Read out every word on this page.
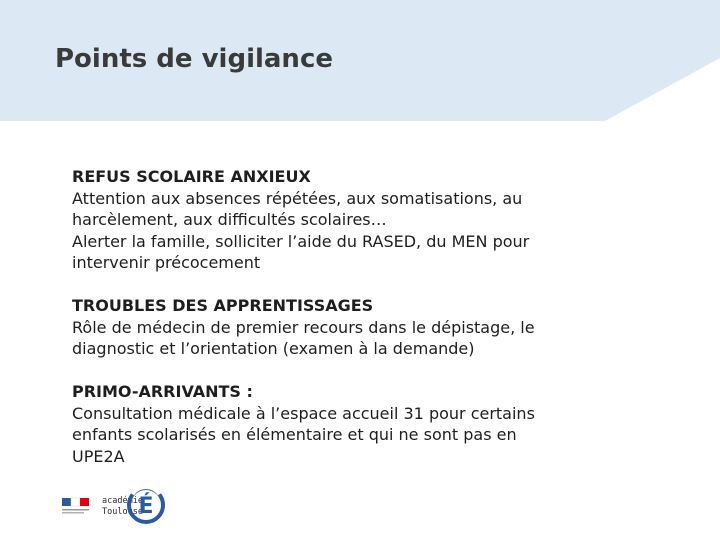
Points de vigilance

REFUS SCOLAIRE ANXIEUX

Attention aux absences répétées, aux somatisations, au

harcèlement, aux difficultés scolaires…

Alerter la famille, solliciter l’aide du RASED, du MEN pour

intervenir précocement

TROUBLES DES APPRENTISSAGES

Rôle de médecin de premier recours dans le dépistage, le

diagnostic et l’orientation (examen à la demande)

PRIMO-ARRIVANTS :

Consultation médicale à l’espace accueil 31 pour certains

enfants scolarisés en élémentaire et qui ne sont pas en

UPE2A

académie
Toulouse
É
